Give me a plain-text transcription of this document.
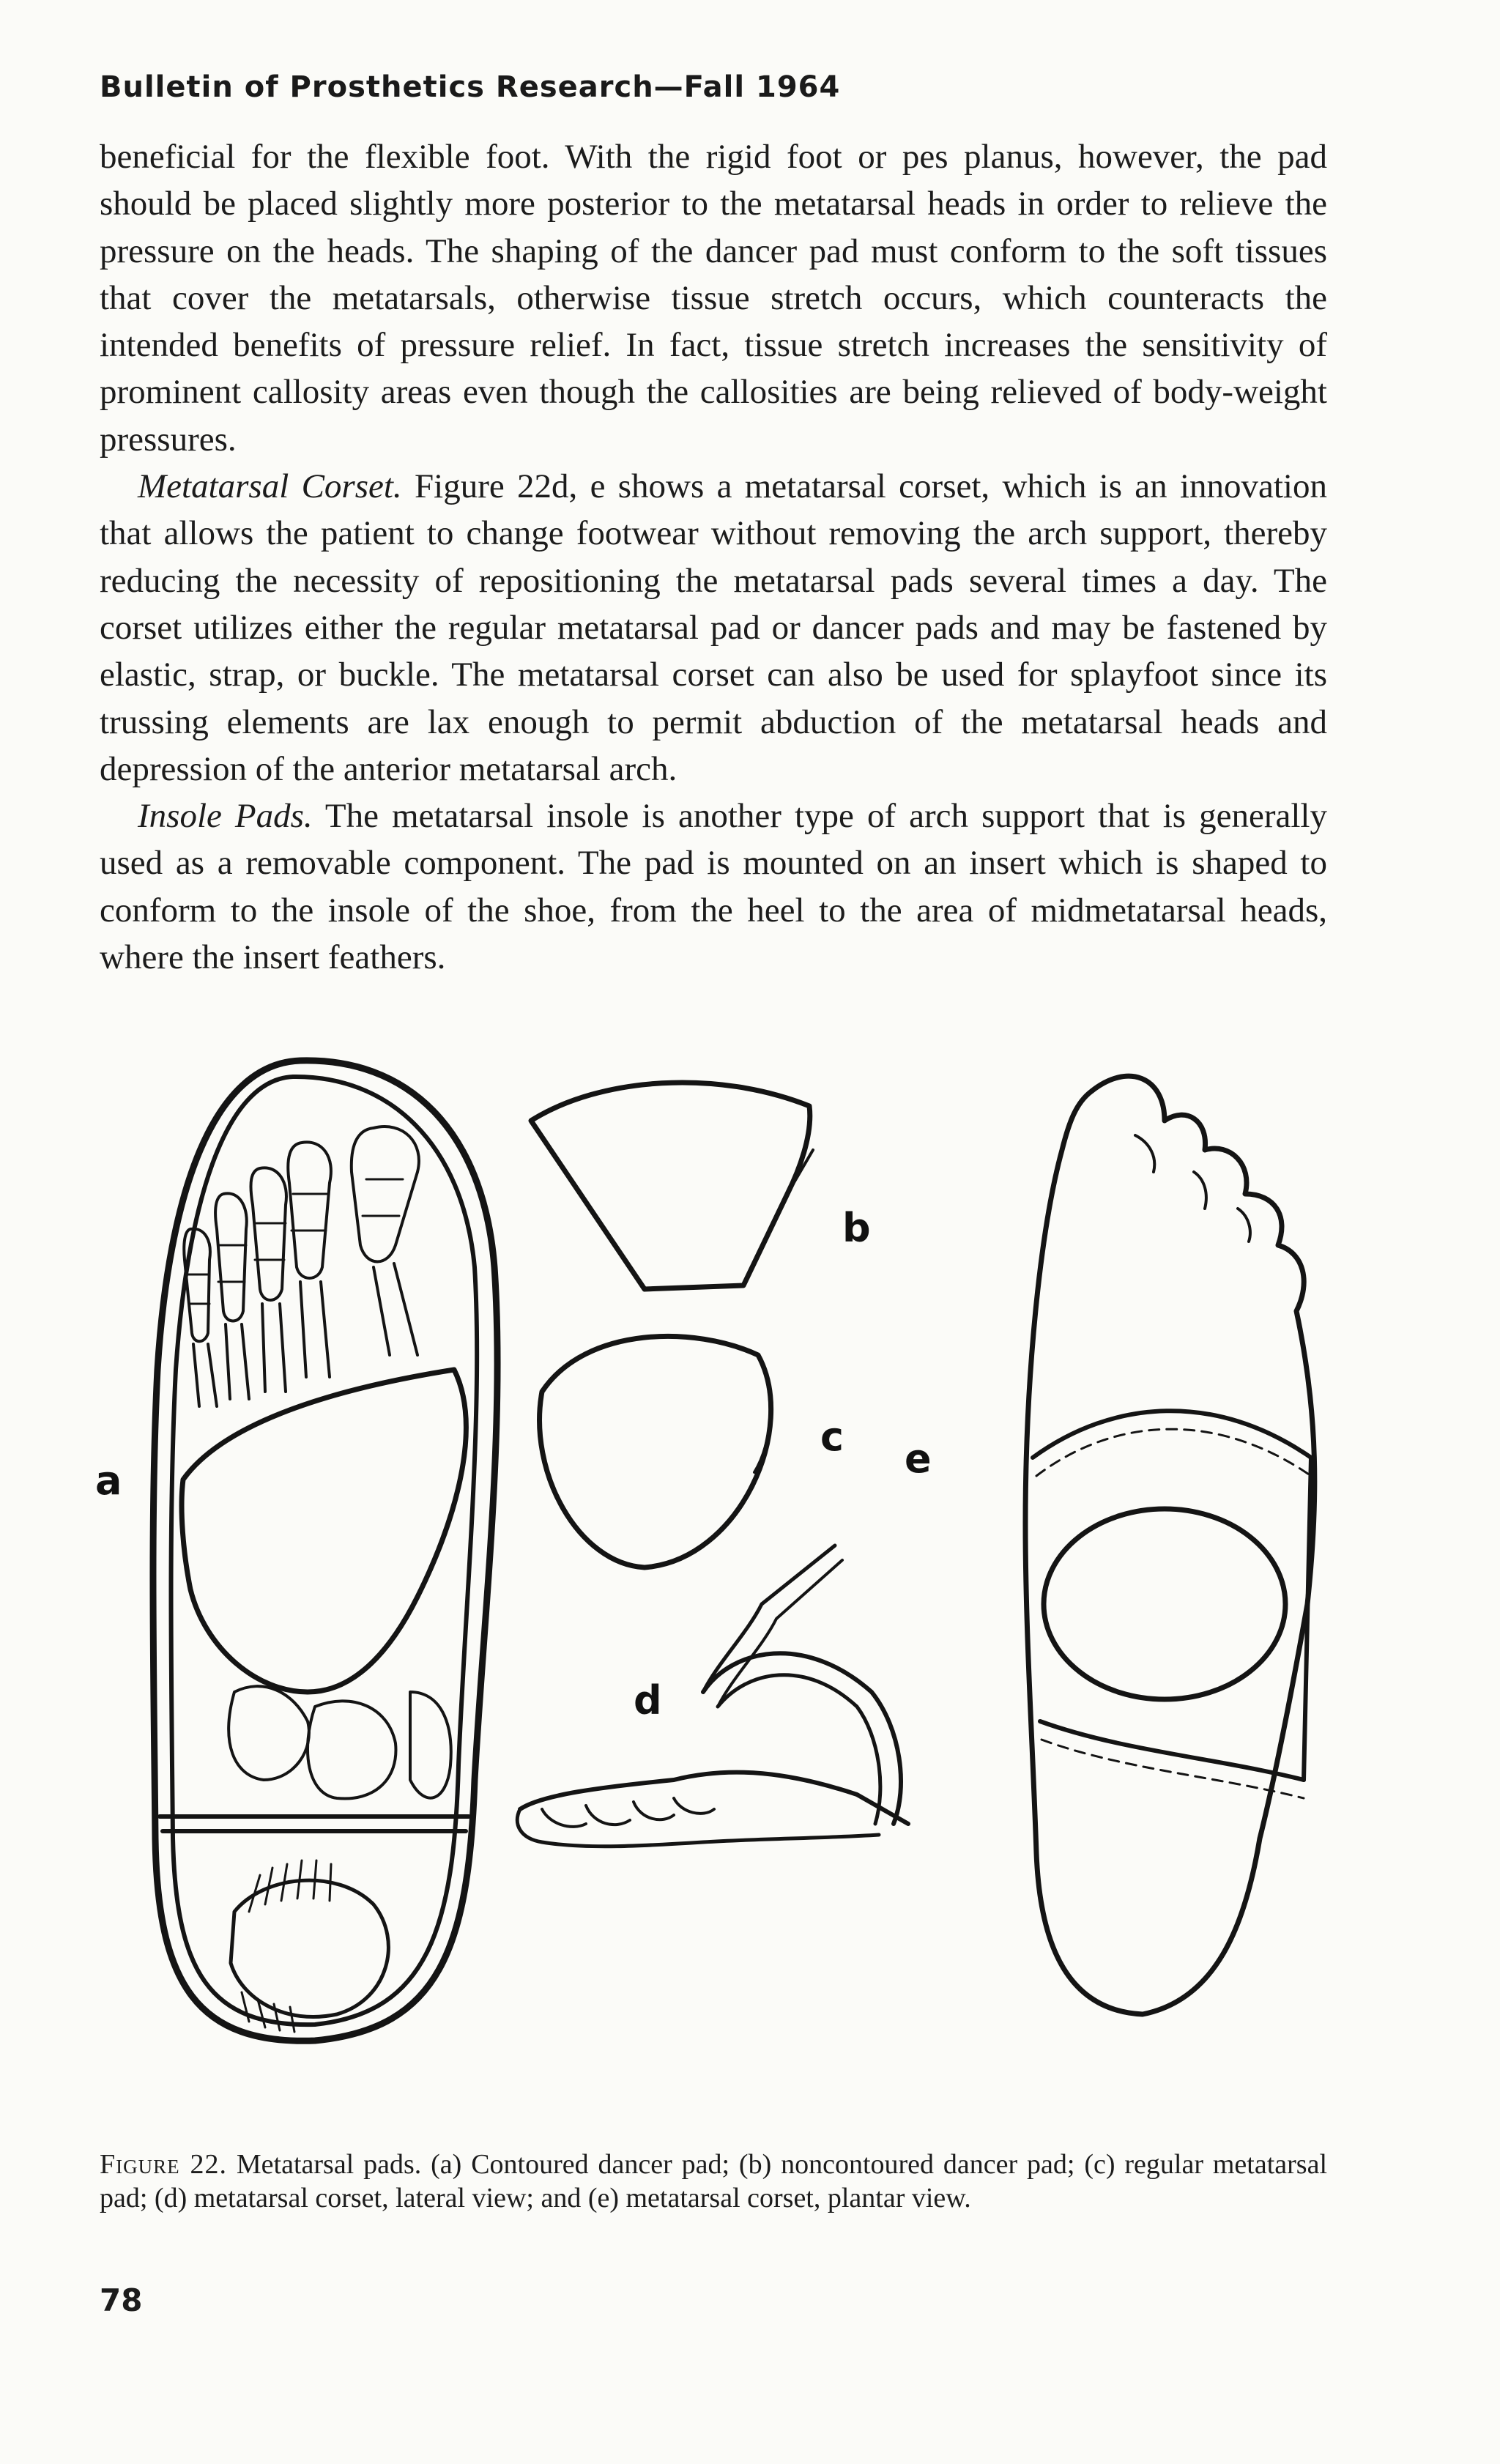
Bulletin of Prosthetics Research—Fall 1964

beneficial for the flexible foot. With the rigid foot or pes planus, however, the pad should be placed slightly more posterior to the metatarsal heads in order to relieve the pressure on the heads. The shaping of the dancer pad must conform to the soft tissues that cover the metatarsals, otherwise tissue stretch occurs, which counteracts the intended benefits of pressure relief. In fact, tissue stretch increases the sensitivity of prominent callosity areas even though the callosities are being relieved of body-weight pressures.

Metatarsal Corset. Figure 22d, e shows a metatarsal corset, which is an innovation that allows the patient to change footwear without removing the arch support, thereby reducing the necessity of repositioning the metatarsal pads several times a day. The corset utilizes either the regular metatarsal pad or dancer pads and may be fastened by elastic, strap, or buckle. The metatarsal corset can also be used for splayfoot since its trussing elements are lax enough to permit abduction of the metatarsal heads and depression of the anterior metatarsal arch.

Insole Pads. The metatarsal insole is another type of arch support that is generally used as a removable component. The pad is mounted on an insert which is shaped to conform to the insole of the shoe, from the heel to the area of midmetatarsal heads, where the insert feathers.

a
b
c
d
e
Figure 22. Metatarsal pads. (a) Contoured dancer pad; (b) noncontoured dancer pad; (c) regular metatarsal pad; (d) metatarsal corset, lateral view; and (e) metatarsal corset, plantar view.
78
